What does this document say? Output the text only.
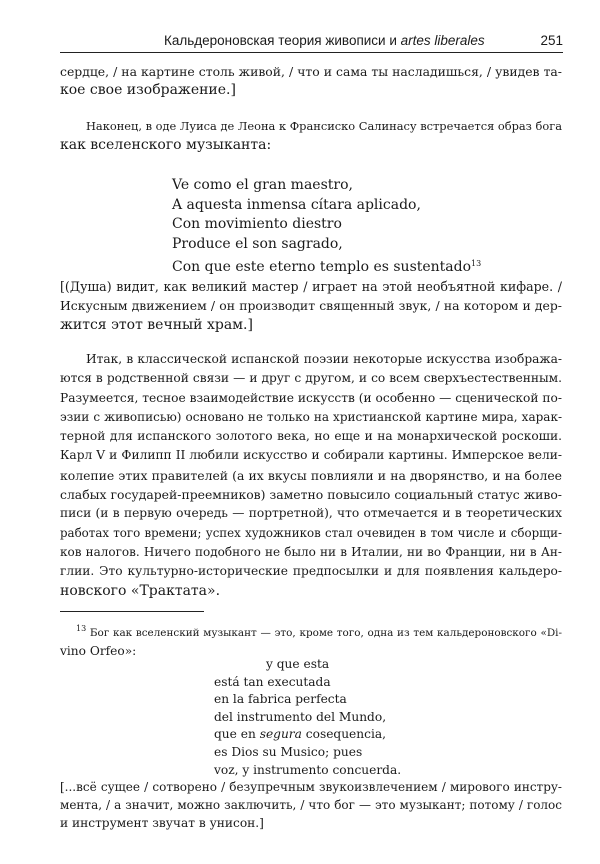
Кальдероновская теория живописи и artes liberales	251
сердце, / на картине столь живой, / что и сама ты насладишься, / увидев та-
кое свое изображение.]
Наконец, в оде Луиса де Леона к Франсиско Салинасу встречается образ бога
как вселенского музыканта:
Ve como el gran maestro,
A aquesta inmensa cítara aplicado,
Con movimiento diestro
Produce el son sagrado,
Con que este eterno templo es sustentado$^{13}$
[(Душа) видит, как великий мастер / играет на этой необъятной кифаре. /
Искусным движением / он производит священный звук, / на котором и дер-
жится этот вечный храм.]
Итак, в классической испанской поэзии некоторые искусства изобража-
ются в родственной связи — и друг с другом, и со всем сверхъестественным.
Разумеется, тесное взаимодействие искусств (и особенно — сценической по-
эзии с живописью) основано не только на христианской картине мира, харак-
терной для испанского золотого века, но еще и на монархической роскоши.
Карл V и Филипп II любили искусство и собирали картины. Имперское вели-
колепие этих правителей (а их вкусы повлияли и на дворянство, и на более
слабых государей-преемников) заметно повысило социальный статус живо-
писи (и в первую очередь — портретной), что отмечается и в теоретических
работах того времени; успех художников стал очевиден в том числе и сборщи-
ков налогов. Ничего подобного не было ни в Италии, ни во Франции, ни в Ан-
глии. Это культурно-исторические предпосылки и для появления кальдеро-
новского «Трактата».
$^{13}$ Бог как вселенский музыкант — это, кроме того, одна из тем кальдероновского «Di-
vino Orfeo»:
y que esta
está tan executada
en la fabrica perfecta
del instrumento del Mundo,
que en segura cosequencia,
es Dios su Musico; pues
voz, y instrumento concuerda.
[...всё сущее / сотворено / безупречным звукоизвлечением / мирового инстру-
мента, / а значит, можно заключить, / что бог — это музыкант; потому / голос
и инструмент звучат в унисон.]
